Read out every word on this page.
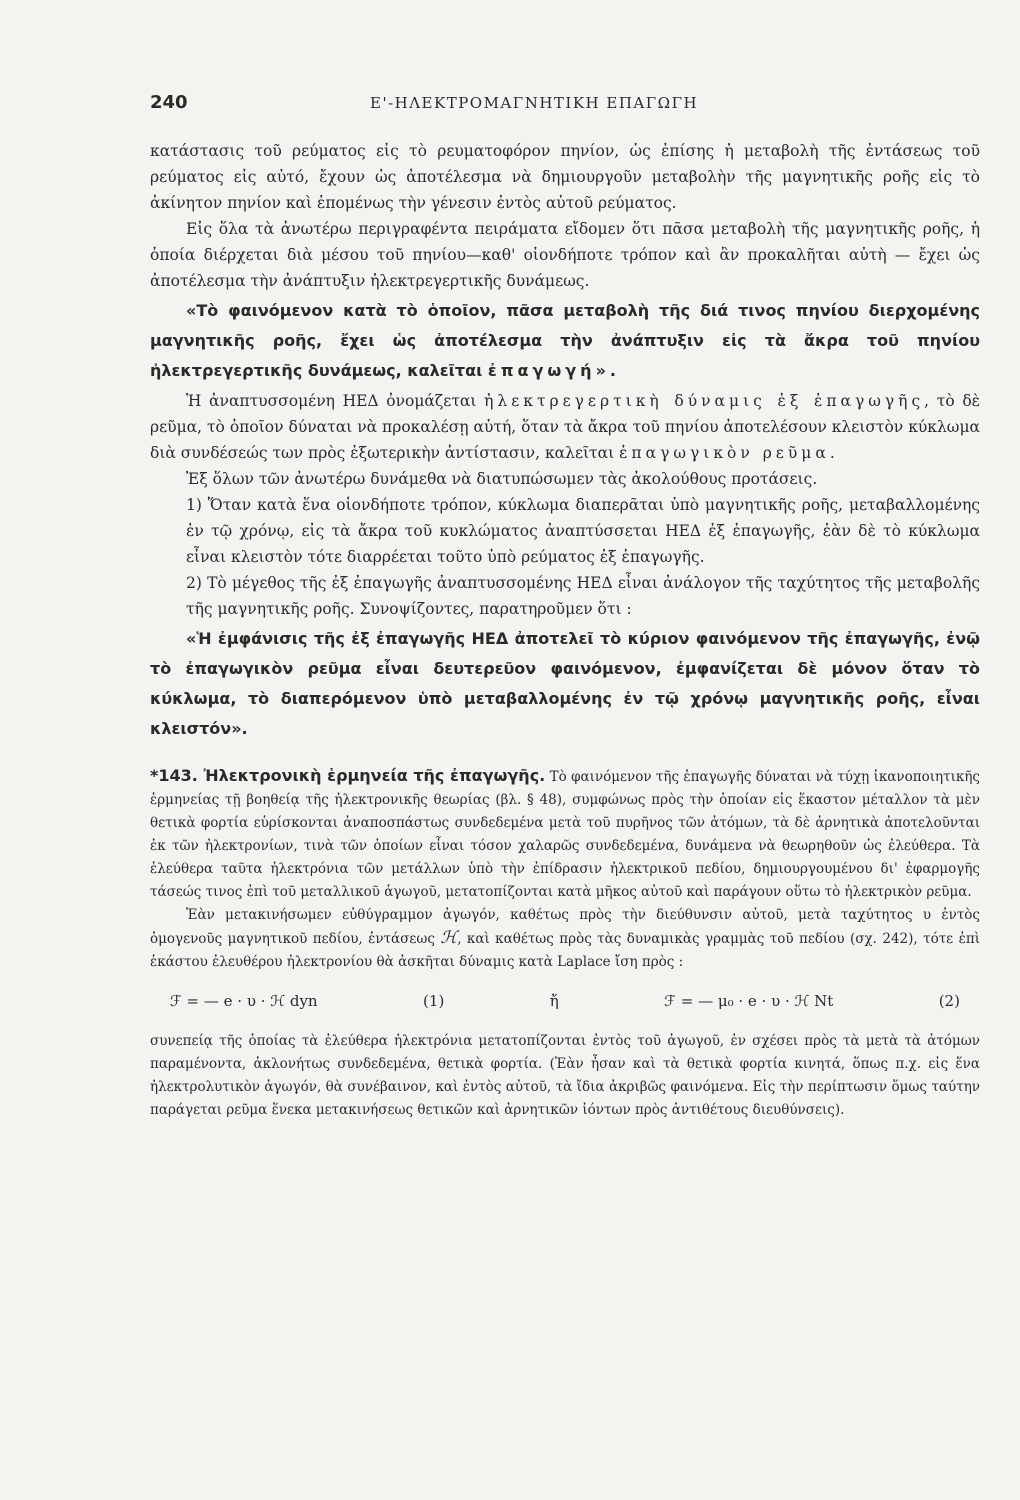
240	Ε'-ΗΛΕΚΤΡΟΜΑΓΝΗΤΙΚΗ ΕΠΑΓΩΓΗ

κατάστασις τοῦ ρεύματος εἰς τὸ ρευματοφόρον πηνίον, ὡς ἐπίσης ἡ μεταβολὴ τῆς ἐντάσεως τοῦ ρεύματος εἰς αὐτό, ἔχουν ὡς ἀποτέλεσμα νὰ δημιουργοῦν μεταβολὴν τῆς μαγνητικῆς ροῆς εἰς τὸ ἀκίνητον πηνίον καὶ ἐπομένως τὴν γένεσιν ἐντὸς αὐτοῦ ρεύματος.

Εἰς ὅλα τὰ ἀνωτέρω περιγραφέντα πειράματα εἴδομεν ὅτι πᾶσα μεταβολὴ τῆς μαγνητικῆς ροῆς, ἡ ὁποία διέρχεται διὰ μέσου τοῦ πηνίου—καθ' οἱονδήποτε τρόπον καὶ ἂν προκαλῆται αὐτὴ — ἔχει ὡς ἀποτέλεσμα τὴν ἀνάπτυξιν ἠλεκτρεγερτικῆς δυνάμεως.

«Τὸ φαινόμενον κατὰ τὸ ὁποῖον, πᾶσα μεταβολὴ τῆς διά τινος πηνίου διερχομένης μαγνητικῆς ροῆς, ἔχει ὡς ἀποτέλεσμα τὴν ἀνάπτυξιν εἰς τὰ ἄκρα τοῦ πηνίου ἠλεκτρεγερτικῆς δυνάμεως, καλεῖται ἐπαγωγή».

Ἡ ἀναπτυσσομένη ΗΕΔ ὀνομάζεται ἠλεκτρεγερτικὴ δύναμις ἐξ ἐπαγωγῆς, τὸ δὲ ρεῦμα, τὸ ὁποῖον δύναται νὰ προκαλέσῃ αὐτή, ὅταν τὰ ἄκρα τοῦ πηνίου ἀποτελέσουν κλειστὸν κύκλωμα διὰ συνδέσεώς των πρὸς ἐξωτερικὴν ἀντίστασιν, καλεῖται ἐπαγωγικὸν ρεῦμα.

Ἐξ ὅλων τῶν ἀνωτέρω δυνάμεθα νὰ διατυπώσωμεν τὰς ἀκολούθους προτάσεις.

1) Ὅταν κατὰ ἕνα οἱονδήποτε τρόπον, κύκλωμα διαπερᾶται ὑπὸ μαγνητικῆς ροῆς, μεταβαλλομένης ἐν τῷ χρόνῳ, εἰς τὰ ἄκρα τοῦ κυκλώματος ἀναπτύσσεται ΗΕΔ ἐξ ἐπαγωγῆς, ἐὰν δὲ τὸ κύκλωμα εἶναι κλειστὸν τότε διαρρέεται τοῦτο ὑπὸ ρεύματος ἐξ ἐπαγωγῆς.

2) Τὸ μέγεθος τῆς ἐξ ἐπαγωγῆς ἀναπτυσσομένης ΗΕΔ εἶναι ἀνάλογον τῆς ταχύτητος τῆς μεταβολῆς τῆς μαγνητικῆς ροῆς. Συνοψίζοντες, παρατηροῦμεν ὅτι :

«Ἡ ἐμφάνισις τῆς ἐξ ἐπαγωγῆς ΗΕΔ ἀποτελεῖ τὸ κύριον φαινόμενον τῆς ἐπαγωγῆς, ἐνῷ τὸ ἐπαγωγικὸν ρεῦμα εἶναι δευτερεῦον φαινόμενον, ἐμφανίζεται δὲ μόνον ὅταν τὸ κύκλωμα, τὸ διαπερόμενον ὑπὸ μεταβαλλομένης ἐν τῷ χρόνῳ μαγνητικῆς ροῆς, εἶναι κλειστόν».

*143. Ἠλεκτρονικὴ ἑρμηνεία τῆς ἐπαγωγῆς. Τὸ φαινόμενον τῆς ἐπαγωγῆς δύναται νὰ τύχῃ ἱκανοποιητικῆς ἑρμηνείας τῇ βοηθείᾳ τῆς ἠλεκτρονικῆς θεωρίας (βλ. § 48), συμφώνως πρὸς τὴν ὁποίαν εἰς ἕκαστον μέταλλον τὰ μὲν θετικὰ φορτία εὑρίσκονται ἀναποσπάστως συνδεδεμένα μετὰ τοῦ πυρῆνος τῶν ἀτόμων, τὰ δὲ ἀρνητικὰ ἀποτελοῦνται ἐκ τῶν ἠλεκτρονίων, τινὰ τῶν ὁποίων εἶναι τόσον χαλαρῶς συνδεδεμένα, δυνάμενα νὰ θεωρηθοῦν ὡς ἐλεύθερα. Τὰ ἐλεύθερα ταῦτα ἠλεκτρόνια τῶν μετάλλων ὑπὸ τὴν ἐπίδρασιν ἠλεκτρικοῦ πεδίου, δημιουργουμένου δι' ἐφαρμογῆς τάσεώς τινος ἐπὶ τοῦ μεταλλικοῦ ἀγωγοῦ, μετατοπίζονται κατὰ μῆκος αὐτοῦ καὶ παράγουν οὕτω τὸ ἠλεκτρικὸν ρεῦμα.

Ἐὰν μετακινήσωμεν εὐθύγραμμον ἀγωγόν, καθέτως πρὸς τὴν διεύθυνσιν αὐτοῦ, μετὰ ταχύτητος υ ἐντὸς ὁμογενοῦς μαγνητικοῦ πεδίου, ἐντάσεως ℋ, καὶ καθέτως πρὸς τὰς δυναμικὰς γραμμὰς τοῦ πεδίου (σχ. 242), τότε ἐπὶ ἑκάστου ἐλευθέρου ἠλεκτρονίου θὰ ἀσκῆται δύναμις κατὰ Laplace ἴση πρὸς :

ℱ = — e · υ · ℋ dyn	(1)	ἤ	ℱ = — μ₀ · e · υ · ℋ Nt	(2)

συνεπείᾳ τῆς ὁποίας τὰ ἐλεύθερα ἠλεκτρόνια μετατοπίζονται ἐντὸς τοῦ ἀγωγοῦ, ἐν σχέσει πρὸς τὰ μετὰ τὰ ἀτόμων παραμένοντα, ἀκλονήτως συνδεδεμένα, θετικὰ φορτία. (Ἐὰν ἦσαν καὶ τὰ θετικὰ φορτία κινητά, ὅπως π.χ. εἰς ἕνα ἠλεκτρολυτικὸν ἀγωγόν, θὰ συνέβαινον, καὶ ἐντὸς αὐτοῦ, τὰ ἴδια ἀκριβῶς φαινόμενα. Εἰς τὴν περίπτωσιν ὅμως ταύτην παράγεται ρεῦμα ἕνεκα μετακινήσεως θετικῶν καὶ ἀρνητικῶν ἰόντων πρὸς ἀντιθέτους διευθύνσεις).
